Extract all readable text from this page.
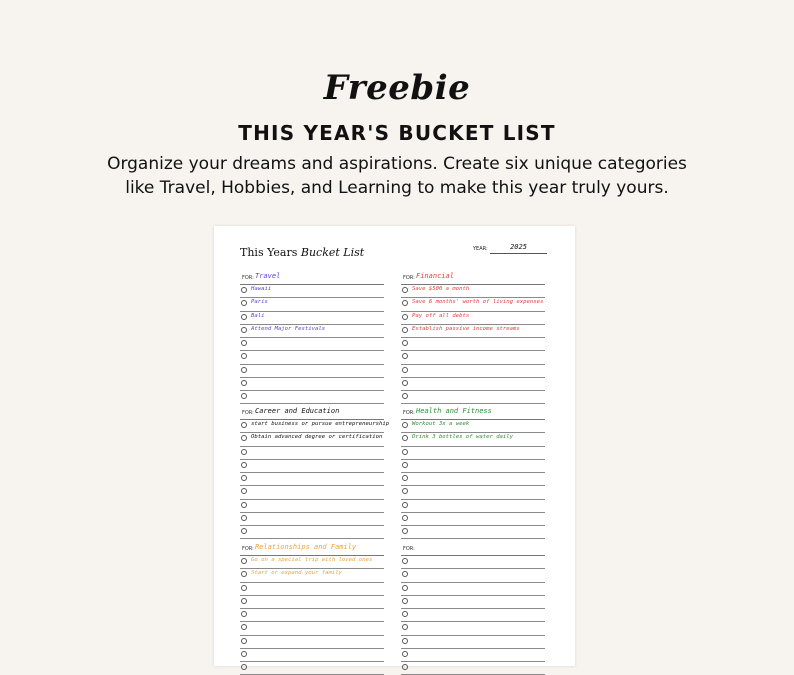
Freebie
THIS YEAR'S BUCKET LIST
Organize your dreams and aspirations. Create six unique categories like Travel, Hobbies, and Learning to make this year truly yours.
This Years Bucket List	YEAR:	2025
FOR: Travel
Hawaii
Paris
Bali
Attend Major Festivals
FOR: Financial
Save $500 a month
Save 6 months' worth of living expenses
Pay off all debts
Establish passive income streams
FOR: Career and Education
start business or pursue entrepreneurship
Obtain advanced degree or certification
FOR: Health and Fitness
Workout 3x a week
Drink 3 bottles of water daily
FOR: Relationships and Family
Go on a special trip with loved ones
Start or expand your family
FOR:
